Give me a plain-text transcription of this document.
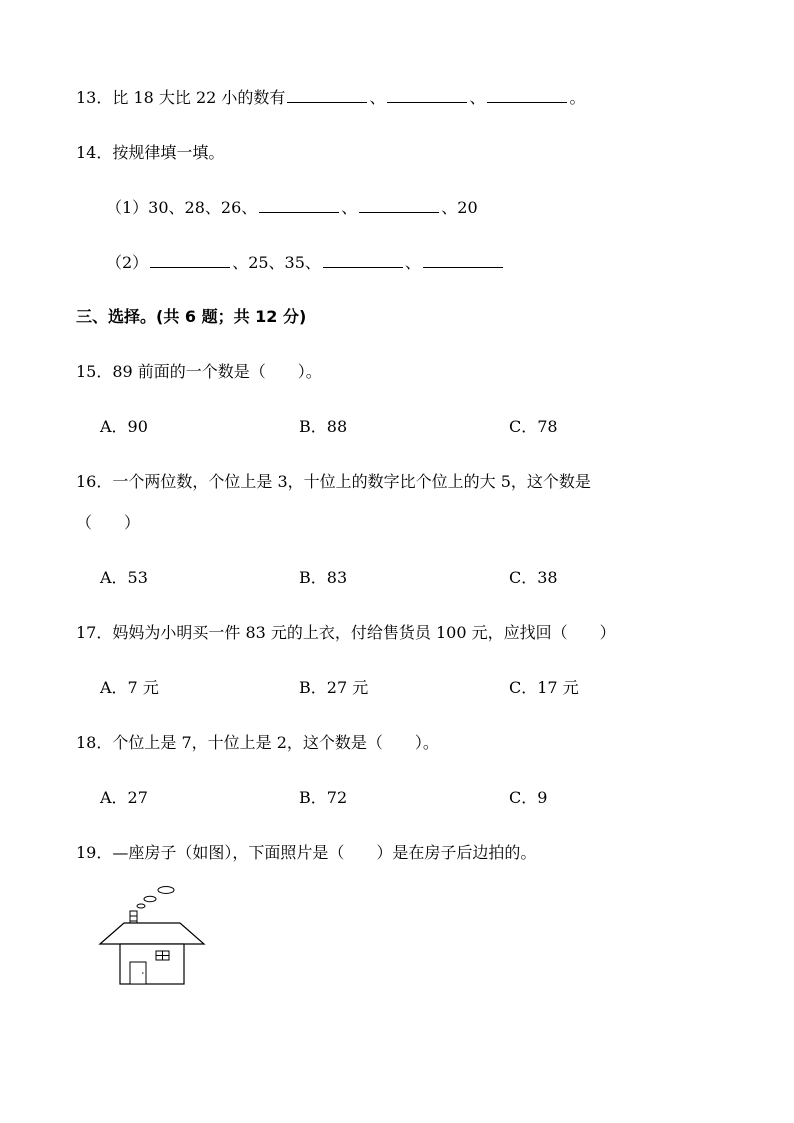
13．比 18 大比 22 小的数有	、	、	。
14．按规律填一填。
（1）30、28、26、	、	、20
（2）	、25、35、	、
三、选择。(共 6 题；共 12 分)
15．89 前面的一个数是（　　）。
A．90	B．88	C．78
16．一个两位数，个位上是 3，十位上的数字比个位上的大 5，这个数是
（　　）
A．53	B．83	C．38
17．妈妈为小明买一件 83 元的上衣，付给售货员 100 元，应找回（　　）
A．7 元	B．27 元	C．17 元
18．个位上是 7，十位上是 2，这个数是（　　）。
A．27	B．72	C．9
19．—座房子（如图），下面照片是（　　）是在房子后边拍的。
